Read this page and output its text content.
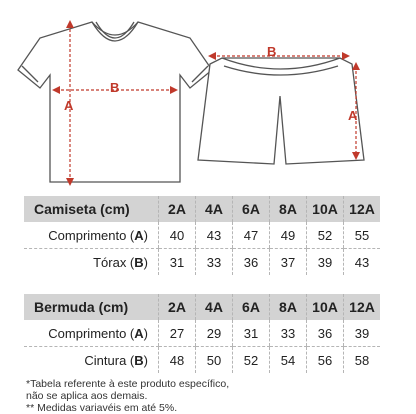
B
A
B
A
Camiseta (cm)	2A	4A	6A	8A	10A	12A
Comprimento (A)	40	43	47	49	52	55
Tórax (B)	31	33	36	37	39	43
Bermuda (cm)	2A	4A	6A	8A	10A	12A
Comprimento (A)	27	29	31	33	36	39
Cintura (B)	48	50	52	54	56	58
*Tabela referente à este produto específico,
não se aplica aos demais.
** Medidas variavéis em até 5%.
